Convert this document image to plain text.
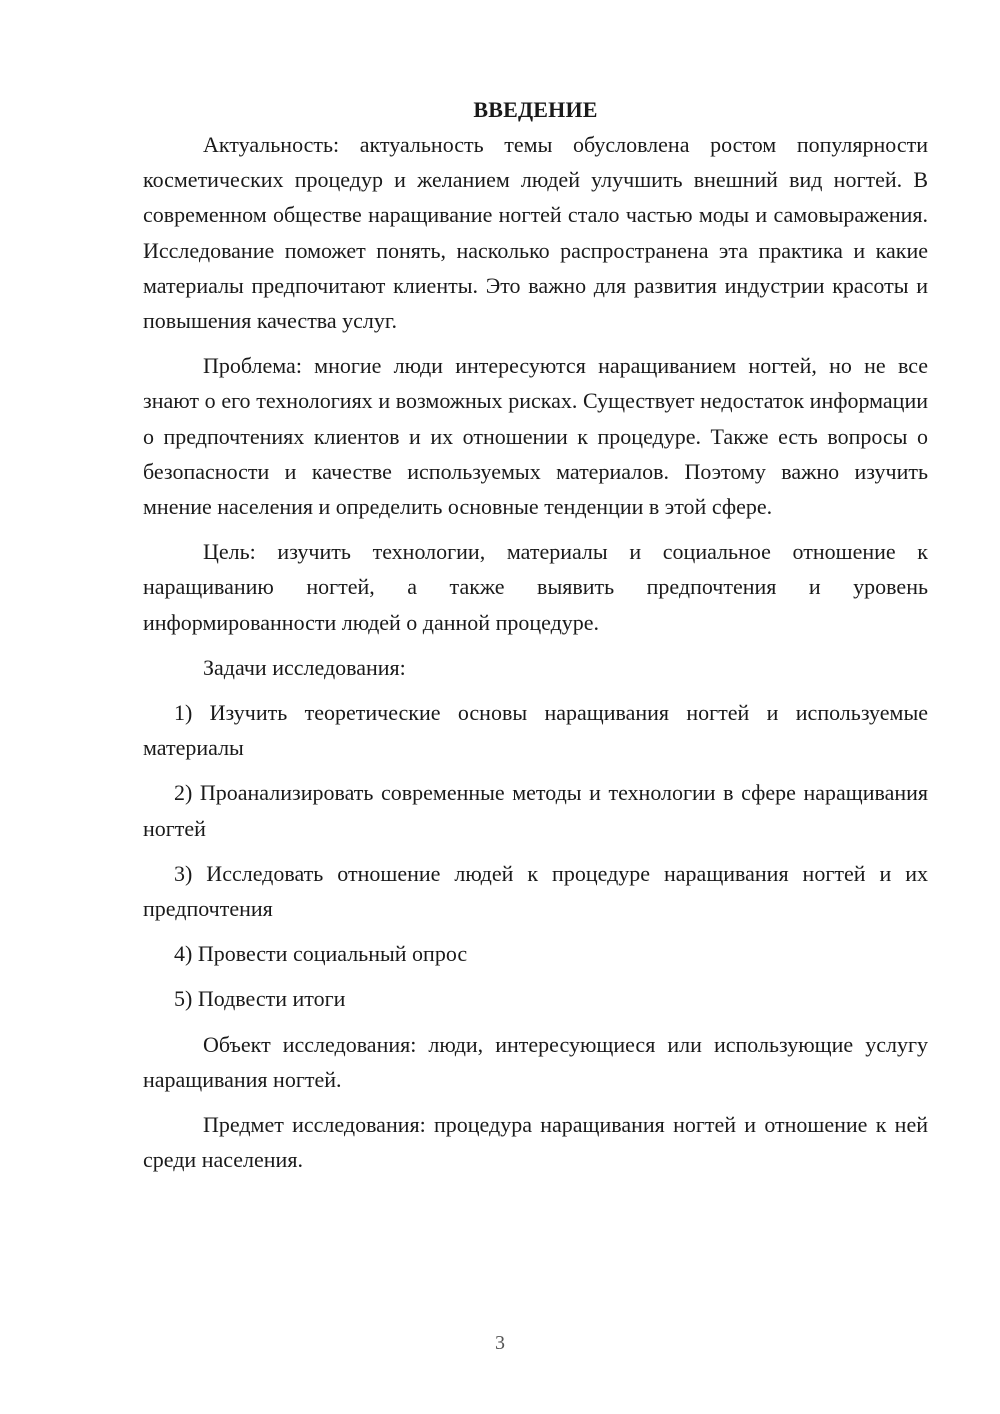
ВВЕДЕНИЕ

Актуальность: актуальность темы обусловлена ростом популярности косметических процедур и желанием людей улучшить внешний вид ногтей. В современном обществе наращивание ногтей стало частью моды и самовыражения. Исследование поможет понять, насколько распространена эта практика и какие материалы предпочитают клиенты. Это важно для развития индустрии красоты и повышения качества услуг.

Проблема: многие люди интересуются наращиванием ногтей, но не все знают о его технологиях и возможных рисках. Существует недостаток информации о предпочтениях клиентов и их отношении к процедуре. Также есть вопросы о безопасности и качестве используемых материалов. Поэтому важно изучить мнение населения и определить основные тенденции в этой сфере.

Цель: изучить технологии, материалы и социальное отношение к наращиванию ногтей, а также выявить предпочтения и уровень информированности людей о данной процедуре.

Задачи исследования:

1) Изучить теоретические основы наращивания ногтей и используемые материалы

2) Проанализировать современные методы и технологии в сфере наращивания ногтей

3) Исследовать отношение людей к процедуре наращивания ногтей и их предпочтения

4) Провести социальный опрос

5) Подвести итоги

Объект исследования: люди, интересующиеся или использующие услугу наращивания ногтей.

Предмет исследования: процедура наращивания ногтей и отношение к ней среди населения.

3
